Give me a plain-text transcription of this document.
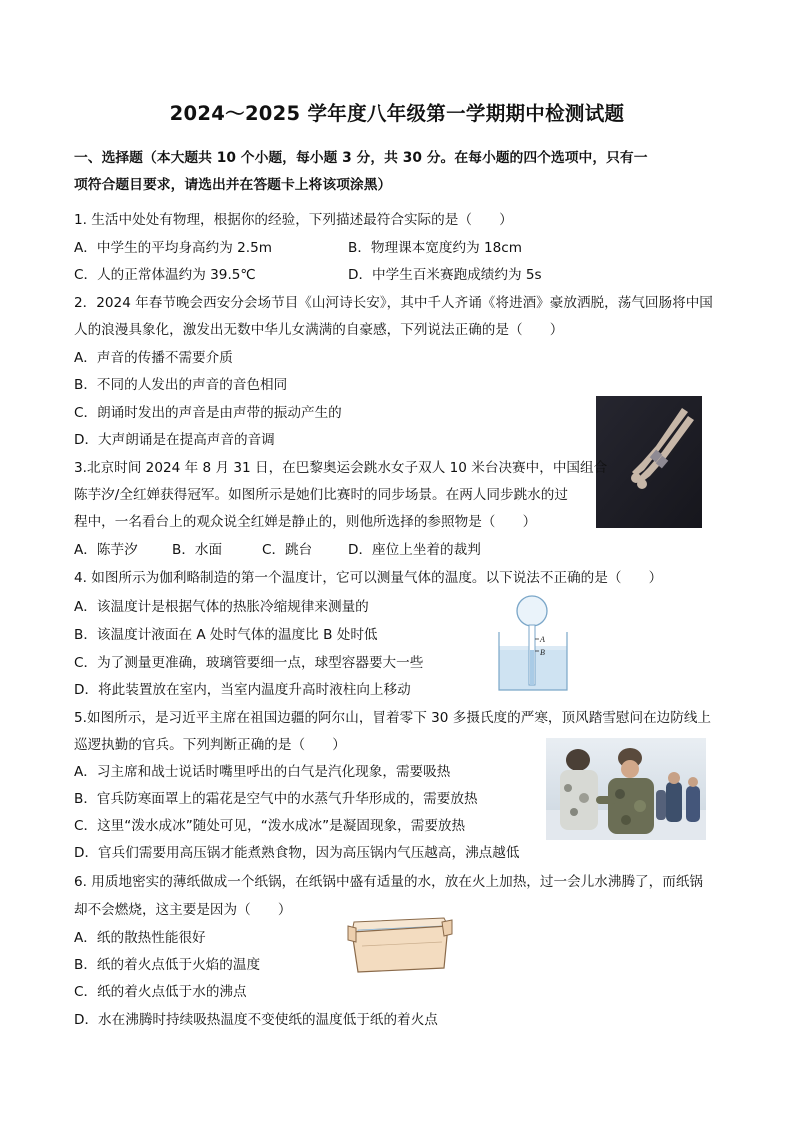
2024～2025 学年度八年级第一学期期中检测试题
一、选择题（本大题共 10 个小题，每小题 3 分，共 30 分。在每小题的四个选项中，只有一
项符合题目要求，请选出并在答题卡上将该项涂黑）
1. 生活中处处有物理，根据你的经验，下列描述最符合实际的是（　　）
A．中学生的平均身高约为 2.5m	B．物理课本宽度约为 18cm
C．人的正常体温约为 39.5℃	D．中学生百米赛跑成绩约为 5s
2．2024 年春节晚会西安分会场节目《山河诗长安》，其中千人齐诵《将进酒》豪放洒脱，荡气回肠将中国
人的浪漫具象化，激发出无数中华儿女满满的自豪感，下列说法正确的是（　　）
A．声音的传播不需要介质
B．不同的人发出的声音的音色相同
C．朗诵时发出的声音是由声带的振动产生的
D．大声朗诵是在提高声音的音调
3.北京时间 2024 年 8 月 31 日，在巴黎奥运会跳水女子双人 10 米台决赛中，中国组合
陈芋汐/全红婵获得冠军。如图所示是她们比赛时的同步场景。在两人同步跳水的过
程中，一名看台上的观众说全红婵是静止的，则他所选择的参照物是（　　）
A．陈芋汐	B．水面	C．跳台	D．座位上坐着的裁判
4. 如图所示为伽利略制造的第一个温度计，它可以测量气体的温度。以下说法不正确的是（　　）
A．该温度计是根据气体的热胀冷缩规律来测量的
B．该温度计液面在 A 处时气体的温度比 B 处时低
C．为了测量更准确，玻璃管要细一点，球型容器要大一些
D．将此装置放在室内，当室内温度升高时液柱向上移动
A
B
5.如图所示，是习近平主席在祖国边疆的阿尔山，冒着零下 30 多摄氏度的严寒，顶风踏雪慰问在边防线上
巡逻执勤的官兵。下列判断正确的是（　　）
A．习主席和战士说话时嘴里呼出的白气是汽化现象，需要吸热
B．官兵防寒面罩上的霜花是空气中的水蒸气升华形成的，需要放热
C．这里“泼水成冰”随处可见，“泼水成冰”是凝固现象，需要放热
D．官兵们需要用高压锅才能煮熟食物，因为高压锅内气压越高，沸点越低
6. 用质地密实的薄纸做成一个纸锅，在纸锅中盛有适量的水，放在火上加热，过一会儿水沸腾了，而纸锅
却不会燃烧，这主要是因为（　　）
A．纸的散热性能很好
B．纸的着火点低于火焰的温度
C．纸的着火点低于水的沸点
D．水在沸腾时持续吸热温度不变使纸的温度低于纸的着火点
